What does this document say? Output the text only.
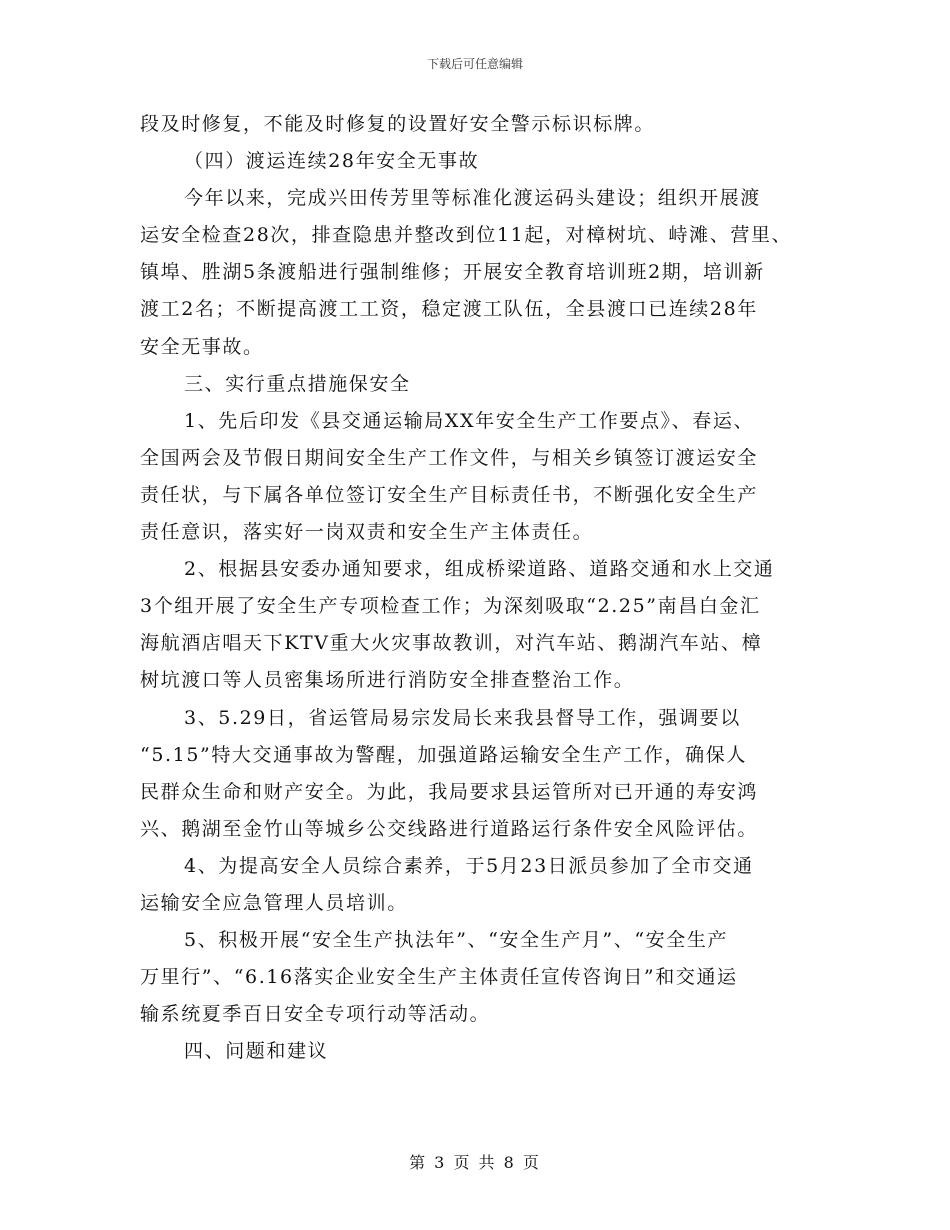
下载后可任意编辑
段及时修复，不能及时修复的设置好安全警示标识标牌。
（四）渡运连续28年安全无事故
今年以来，完成兴田传芳里等标准化渡运码头建设；组织开展渡
运安全检查28次，排查隐患并整改到位11起，对樟树坑、峙滩、营里、
镇埠、胜湖5条渡船进行强制维修；开展安全教育培训班2期，培训新
渡工2名；不断提高渡工工资，稳定渡工队伍，全县渡口已连续28年
安全无事故。
三、实行重点措施保安全
1、先后印发《县交通运输局XX年安全生产工作要点》、春运、
全国两会及节假日期间安全生产工作文件，与相关乡镇签订渡运安全
责任状，与下属各单位签订安全生产目标责任书，不断强化安全生产
责任意识，落实好一岗双责和安全生产主体责任。
2、根据县安委办通知要求，组成桥梁道路、道路交通和水上交通
3个组开展了安全生产专项检查工作；为深刻吸取“2.25”南昌白金汇
海航酒店唱天下KTV重大火灾事故教训，对汽车站、鹅湖汽车站、樟
树坑渡口等人员密集场所进行消防安全排查整治工作。
3、5.29日，省运管局易宗发局长来我县督导工作，强调要以
“5.15”特大交通事故为警醒，加强道路运输安全生产工作，确保人
民群众生命和财产安全。为此，我局要求县运管所对已开通的寿安鸿
兴、鹅湖至金竹山等城乡公交线路进行道路运行条件安全风险评估。
4、为提高安全人员综合素养，于5月23日派员参加了全市交通
运输安全应急管理人员培训。
5、积极开展“安全生产执法年”、“安全生产月”、“安全生产
万里行”、“6.16落实企业安全生产主体责任宣传咨询日”和交通运
输系统夏季百日安全专项行动等活动。
四、问题和建议
第 3 页 共 8 页
